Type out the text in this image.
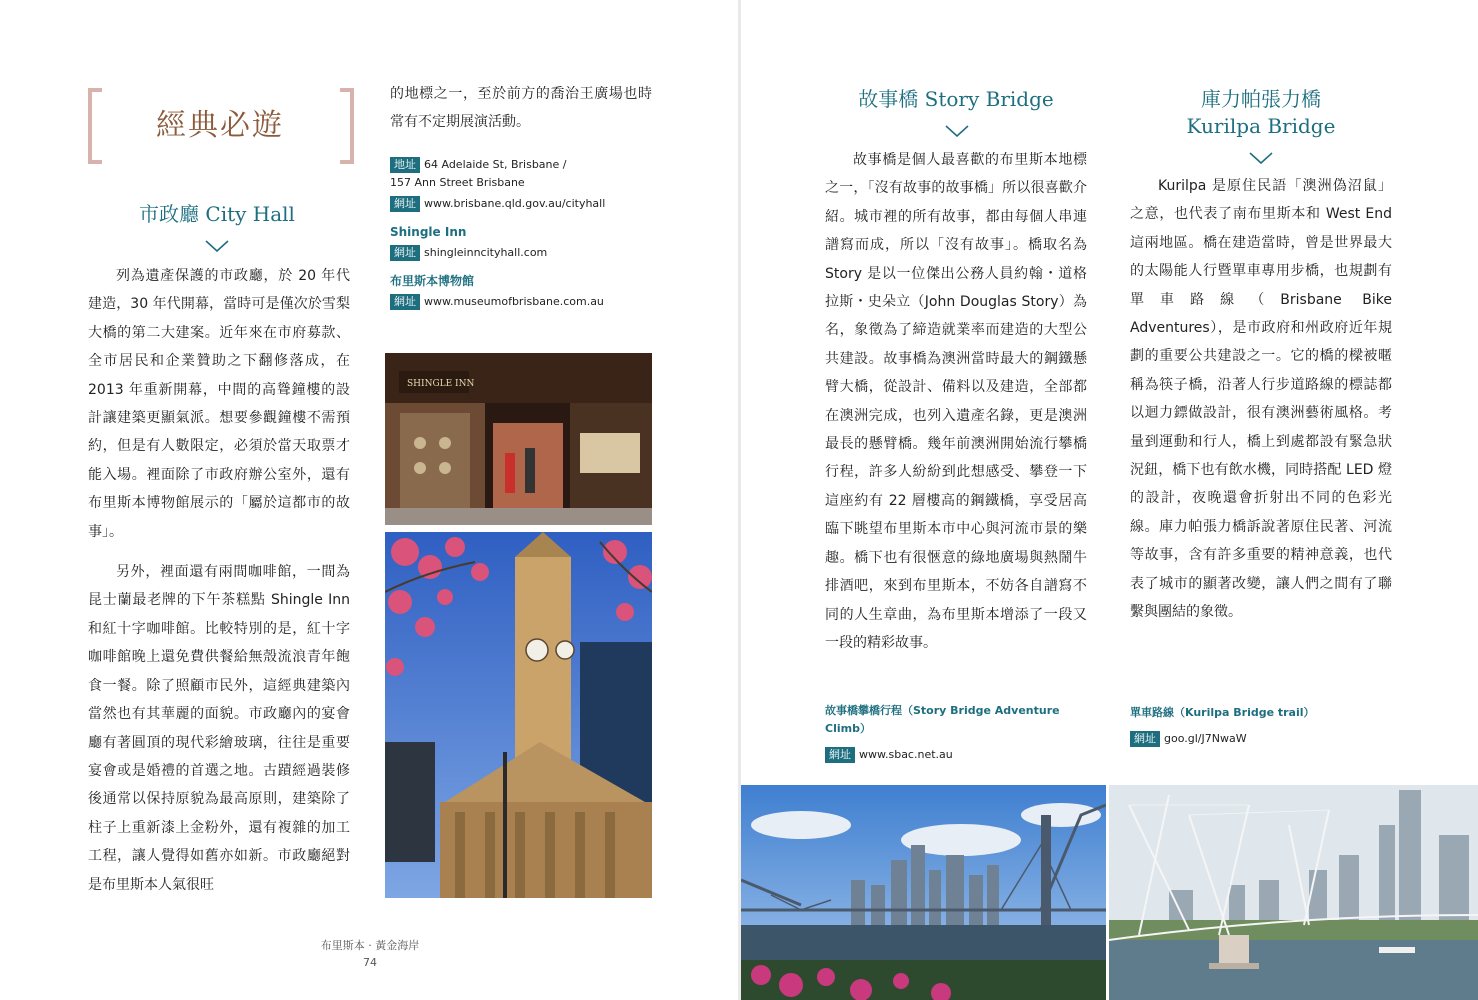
經典必遊
市政廳 City Hall

列為遺產保護的市政廳，於 20 年代建造，30 年代開幕，當時可是僅次於雪梨大橋的第二大建案。近年來在市府募款、全市居民和企業贊助之下翻修落成，在 2013 年重新開幕，中間的高聳鐘樓的設計讓建築更顯氣派。想要參觀鐘樓不需預約，但是有人數限定，必須於當天取票才能入場。裡面除了市政府辦公室外，還有布里斯本博物館展示的「屬於這都市的故事」。

另外，裡面還有兩間咖啡館，一間為昆士蘭最老牌的下午茶糕點 Shingle Inn 和紅十字咖啡館。比較特別的是，紅十字咖啡館晚上還免費供餐給無殼流浪青年飽食一餐。除了照顧市民外，這經典建築內當然也有其華麗的面貌。市政廳內的宴會廳有著圓頂的現代彩繪玻璃，往往是重要宴會或是婚禮的首選之地。古蹟經過裝修後通常以保持原貌為最高原則，建築除了柱子上重新漆上金粉外，還有複雜的加工工程，讓人覺得如舊亦如新。市政廳絕對是布里斯本人氣很旺

的地標之一，至於前方的喬治王廣場也時常有不定期展演活動。

地址 64 Adelaide St, Brisbane /
157 Ann Street Brisbane
網址 www.brisbane.qld.gov.au/cityhall
Shingle Inn
網址 shingleinncityhall.com
布里斯本博物館
網址 www.museumofbrisbane.com.au
SHINGLE INN
布里斯本 · 黃金海岸
74
故事橋 Story Bridge

故事橋是個人最喜歡的布里斯本地標之一，「沒有故事的故事橋」所以很喜歡介紹。城市裡的所有故事，都由每個人串連譜寫而成，所以「沒有故事」。橋取名為 Story 是以一位傑出公務人員約翰・道格拉斯・史朵立（John Douglas Story）為名，象徵為了締造就業率而建造的大型公共建設。故事橋為澳洲當時最大的鋼鐵懸臂大橋，從設計、備料以及建造，全部都在澳洲完成，也列入遺產名錄，更是澳洲最長的懸臂橋。幾年前澳洲開始流行攀橋行程，許多人紛紛到此想感受、攀登一下這座約有 22 層樓高的鋼鐵橋，享受居高臨下眺望布里斯本市中心與河流市景的樂趣。橋下也有很愜意的綠地廣場與熱鬧牛排酒吧，來到布里斯本，不妨各自譜寫不同的人生章曲，為布里斯本增添了一段又一段的精彩故事。

故事橋攀橋行程（Story Bridge Adventure Climb）
網址 www.sbac.net.au
庫力帕張力橋
Kurilpa Bridge

Kurilpa 是原住民語「澳洲偽沼鼠」之意，也代表了南布里斯本和 West End 這兩地區。橋在建造當時，曾是世界最大的太陽能人行暨單車專用步橋，也規劃有單車路線（Brisbane Bike Adventures），是市政府和州政府近年規劃的重要公共建設之一。它的橋的樑被暱稱為筷子橋，沿著人行步道路線的標誌都以迴力鏢做設計，很有澳洲藝術風格。考量到運動和行人，橋上到處都設有緊急狀況鈕，橋下也有飲水機，同時搭配 LED 燈的設計，夜晚還會折射出不同的色彩光線。庫力帕張力橋訴說著原住民著、河流等故事，含有許多重要的精神意義，也代表了城市的顯著改變，讓人們之間有了聯繫與團結的象徵。

單車路線（Kurilpa Bridge trail）
網址 goo.gl/J7NwaW
